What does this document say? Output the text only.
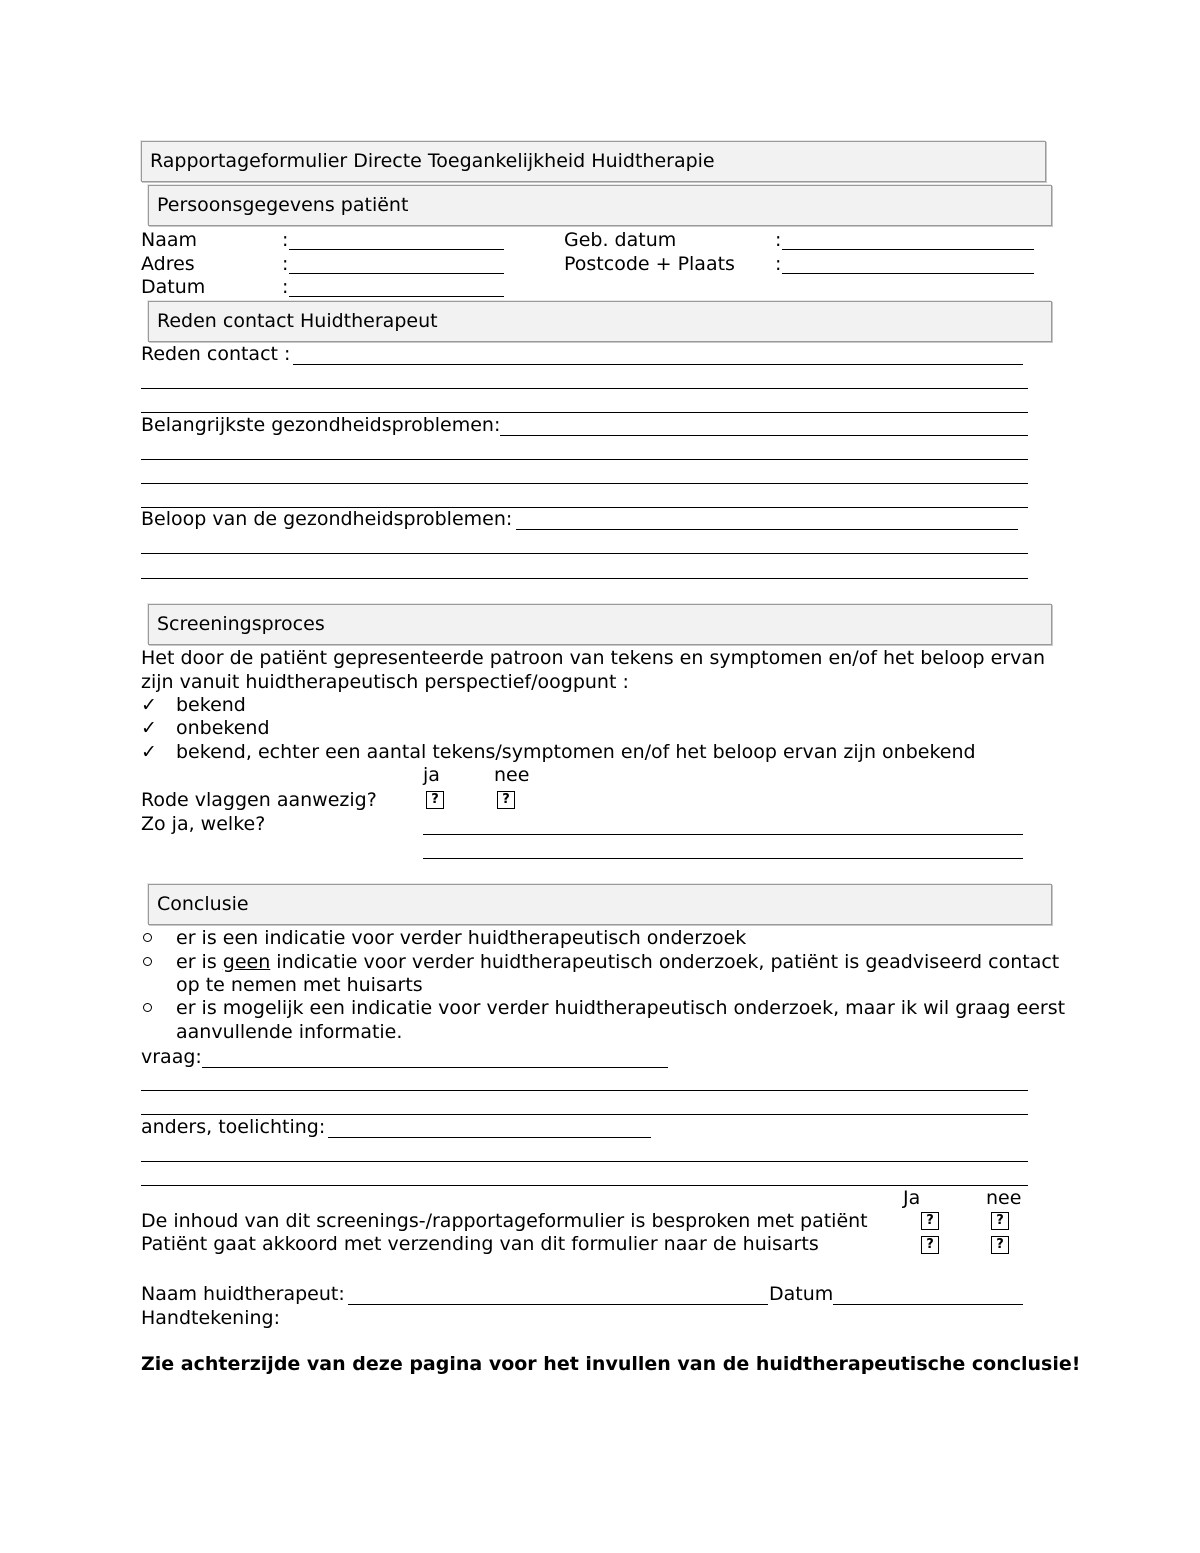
Rapportageformulier Directe Toegankelijkheid Huidtherapie
Persoonsgegevens patiënt
Naam	:
Adres	:
Datum	:
Geb. datum	:
Postcode + Plaats :
Reden contact Huidtherapeut
Reden contact :
Belangrijkste gezondheidsproblemen:
Beloop van de gezondheidsproblemen:
Screeningsproces
Het door de patiënt gepresenteerde patroon van tekens en symptomen en/of het beloop ervan
zijn vanuit huidtherapeutisch perspectief/oogpunt :
✓ bekend
✓ onbekend
✓ bekend, echter een aantal tekens/symptomen en/of het beloop ervan zijn onbekend
ja	nee
Rode vlaggen aanwezig?	?	?
Zo ja, welke?
Conclusie
er is een indicatie voor verder huidtherapeutisch onderzoek
er is geen indicatie voor verder huidtherapeutisch onderzoek, patiënt is geadviseerd contact
op te nemen met huisarts
er is mogelijk een indicatie voor verder huidtherapeutisch onderzoek, maar ik wil graag eerst
aanvullende informatie.
vraag:
anders, toelichting:
Ja	nee
De inhoud van dit screenings-/rapportageformulier is besproken met patiënt	?	?
Patiënt gaat akkoord met verzending van dit formulier naar de huisarts	?	?
Naam huidtherapeut:	Datum
Handtekening:
Zie achterzijde van deze pagina voor het invullen van de huidtherapeutische conclusie!
